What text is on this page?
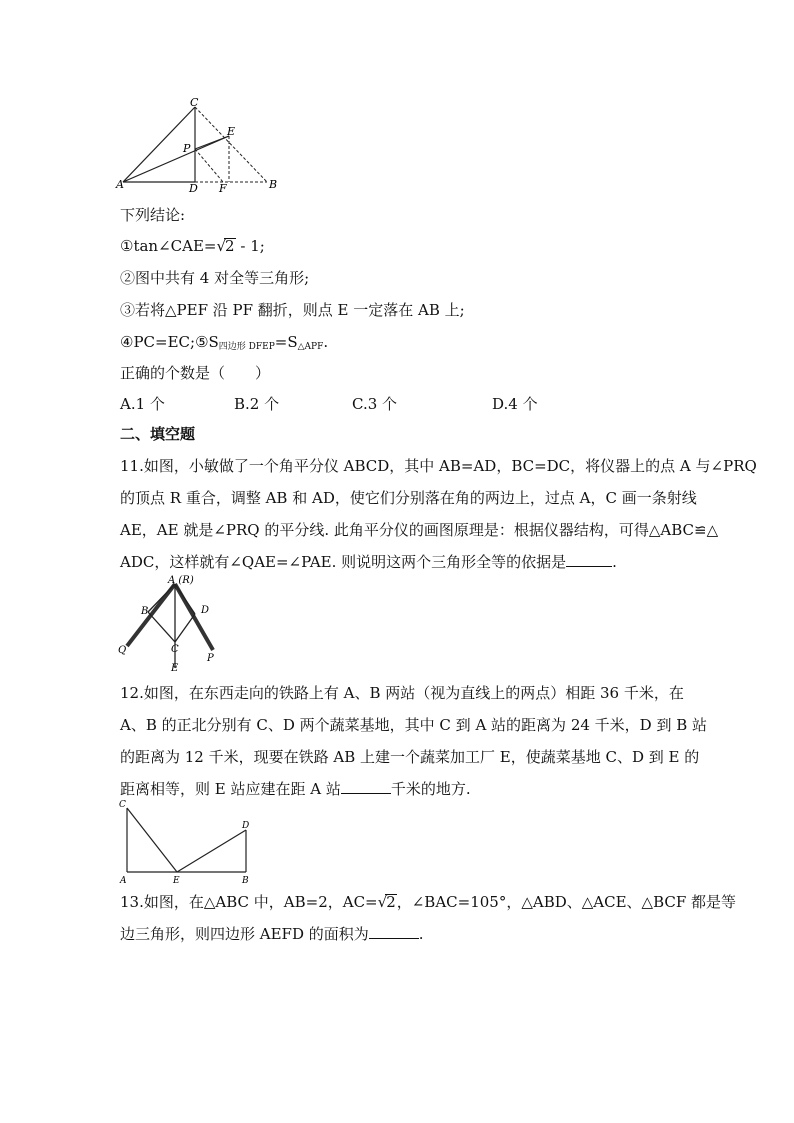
C
E
P
A	D F	B
下列结论:
①tan∠CAE=√2 - 1;
②图中共有 4 对全等三角形;
③若将△PEF 沿 PF 翻折，则点 E 一定落在 AB 上;
$④PC=EC;⑤S_{四边形 DFEP}=S_{\triangle APF}$.
正确的个数是（　　）
A.1 个	B.2 个	C.3 个	D.4 个
二、填空题
11.如图，小敏做了一个角平分仪 ABCD，其中 AB=AD，BC=DC，将仪器上的点 A 与∠PRQ
的顶点 R 重合，调整 AB 和 AD，使它们分别落在角的两边上，过点 A，C 画一条射线
AE，AE 就是∠PRQ 的平分线. 此角平分仪的画图原理是：根据仪器结构，可得△ABC≌△
ADC，这样就有∠QAE=∠PAE. 则说明这两个三角形全等的依据是	.
A (R)
B	D
C
Q
P
E
12.如图，在东西走向的铁路上有 A、B 两站（视为直线上的两点）相距 36 千米，在
A、B 的正北分别有 C、D 两个蔬菜基地，其中 C 到 A 站的距离为 24 千米，D 到 B 站
的距离为 12 千米，现要在铁路 AB 上建一个蔬菜加工厂 E，使蔬菜基地 C、D 到 E 的
距离相等，则 E 站应建在距 A 站	千米的地方.
C
D
A	E	B
13.如图，在△ABC 中，AB=2，AC=√2，∠BAC=105°，△ABD、△ACE、△BCF 都是等
边三角形，则四边形 AEFD 的面积为	.
